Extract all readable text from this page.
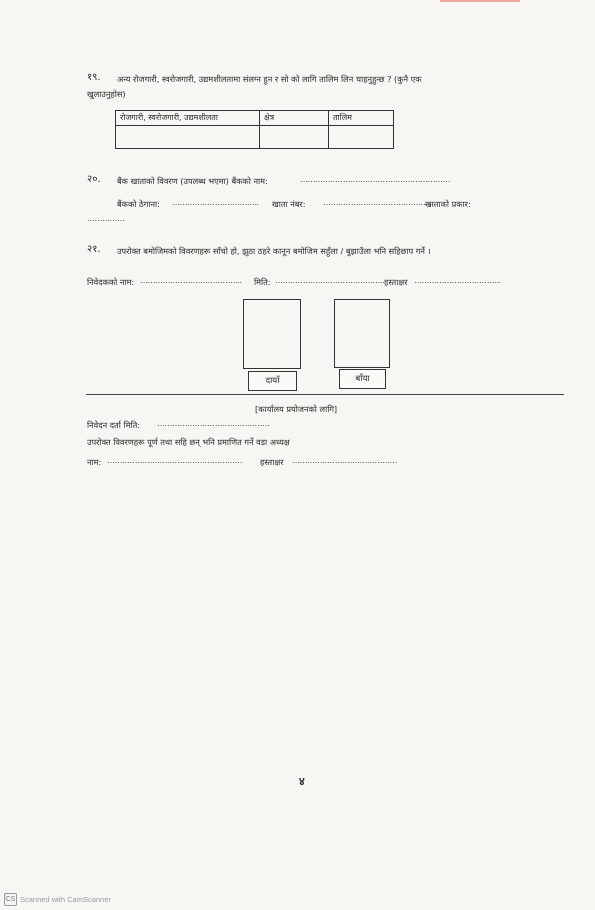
१९. अन्य रोजगारी, स्वरोजगारी, उद्यमशीलतामा संलग्न हुन र सो को लागि तालिम लिन चाहनुहुन्छ ? (कुनै एक
खुलाउनुहोस)
रोजगारी, स्वरोजगारी, उद्यमशीलता	क्षेत्र	तालिम

२०. बैंक खाताको विवरण (उपलब्ध भएमा) बैंकको नाम:	……………………………………………………
बैंकको ठेगाना: …………………………….. खाता नंबर: ………………………………………
खाताको प्रकार:
……………
२१. उपरोक्त बमोजिमको विवरणहरू साँचो हो, झुठा ठहरे कानून बमोजिम सहुँला / बुझाउँला भनि सहिछाप गर्ने ।
निवेदकको नाम: ………………………………….. मिति: …………………………………….. हस्ताक्षर ……………………………..
दायाँ	बाँया
[कार्यालय प्रयोजनको लागि]
निवेदन दर्ता मिति: ………………………………………
उपरोक्त विवरणहरू पूर्ण तथा सहि छन् भनि प्रमाणित गर्ने वडा अध्यक्ष
नाम: ……………………………………………… हस्ताक्षर ……………………………………
४
CS Scanned with CamScanner
